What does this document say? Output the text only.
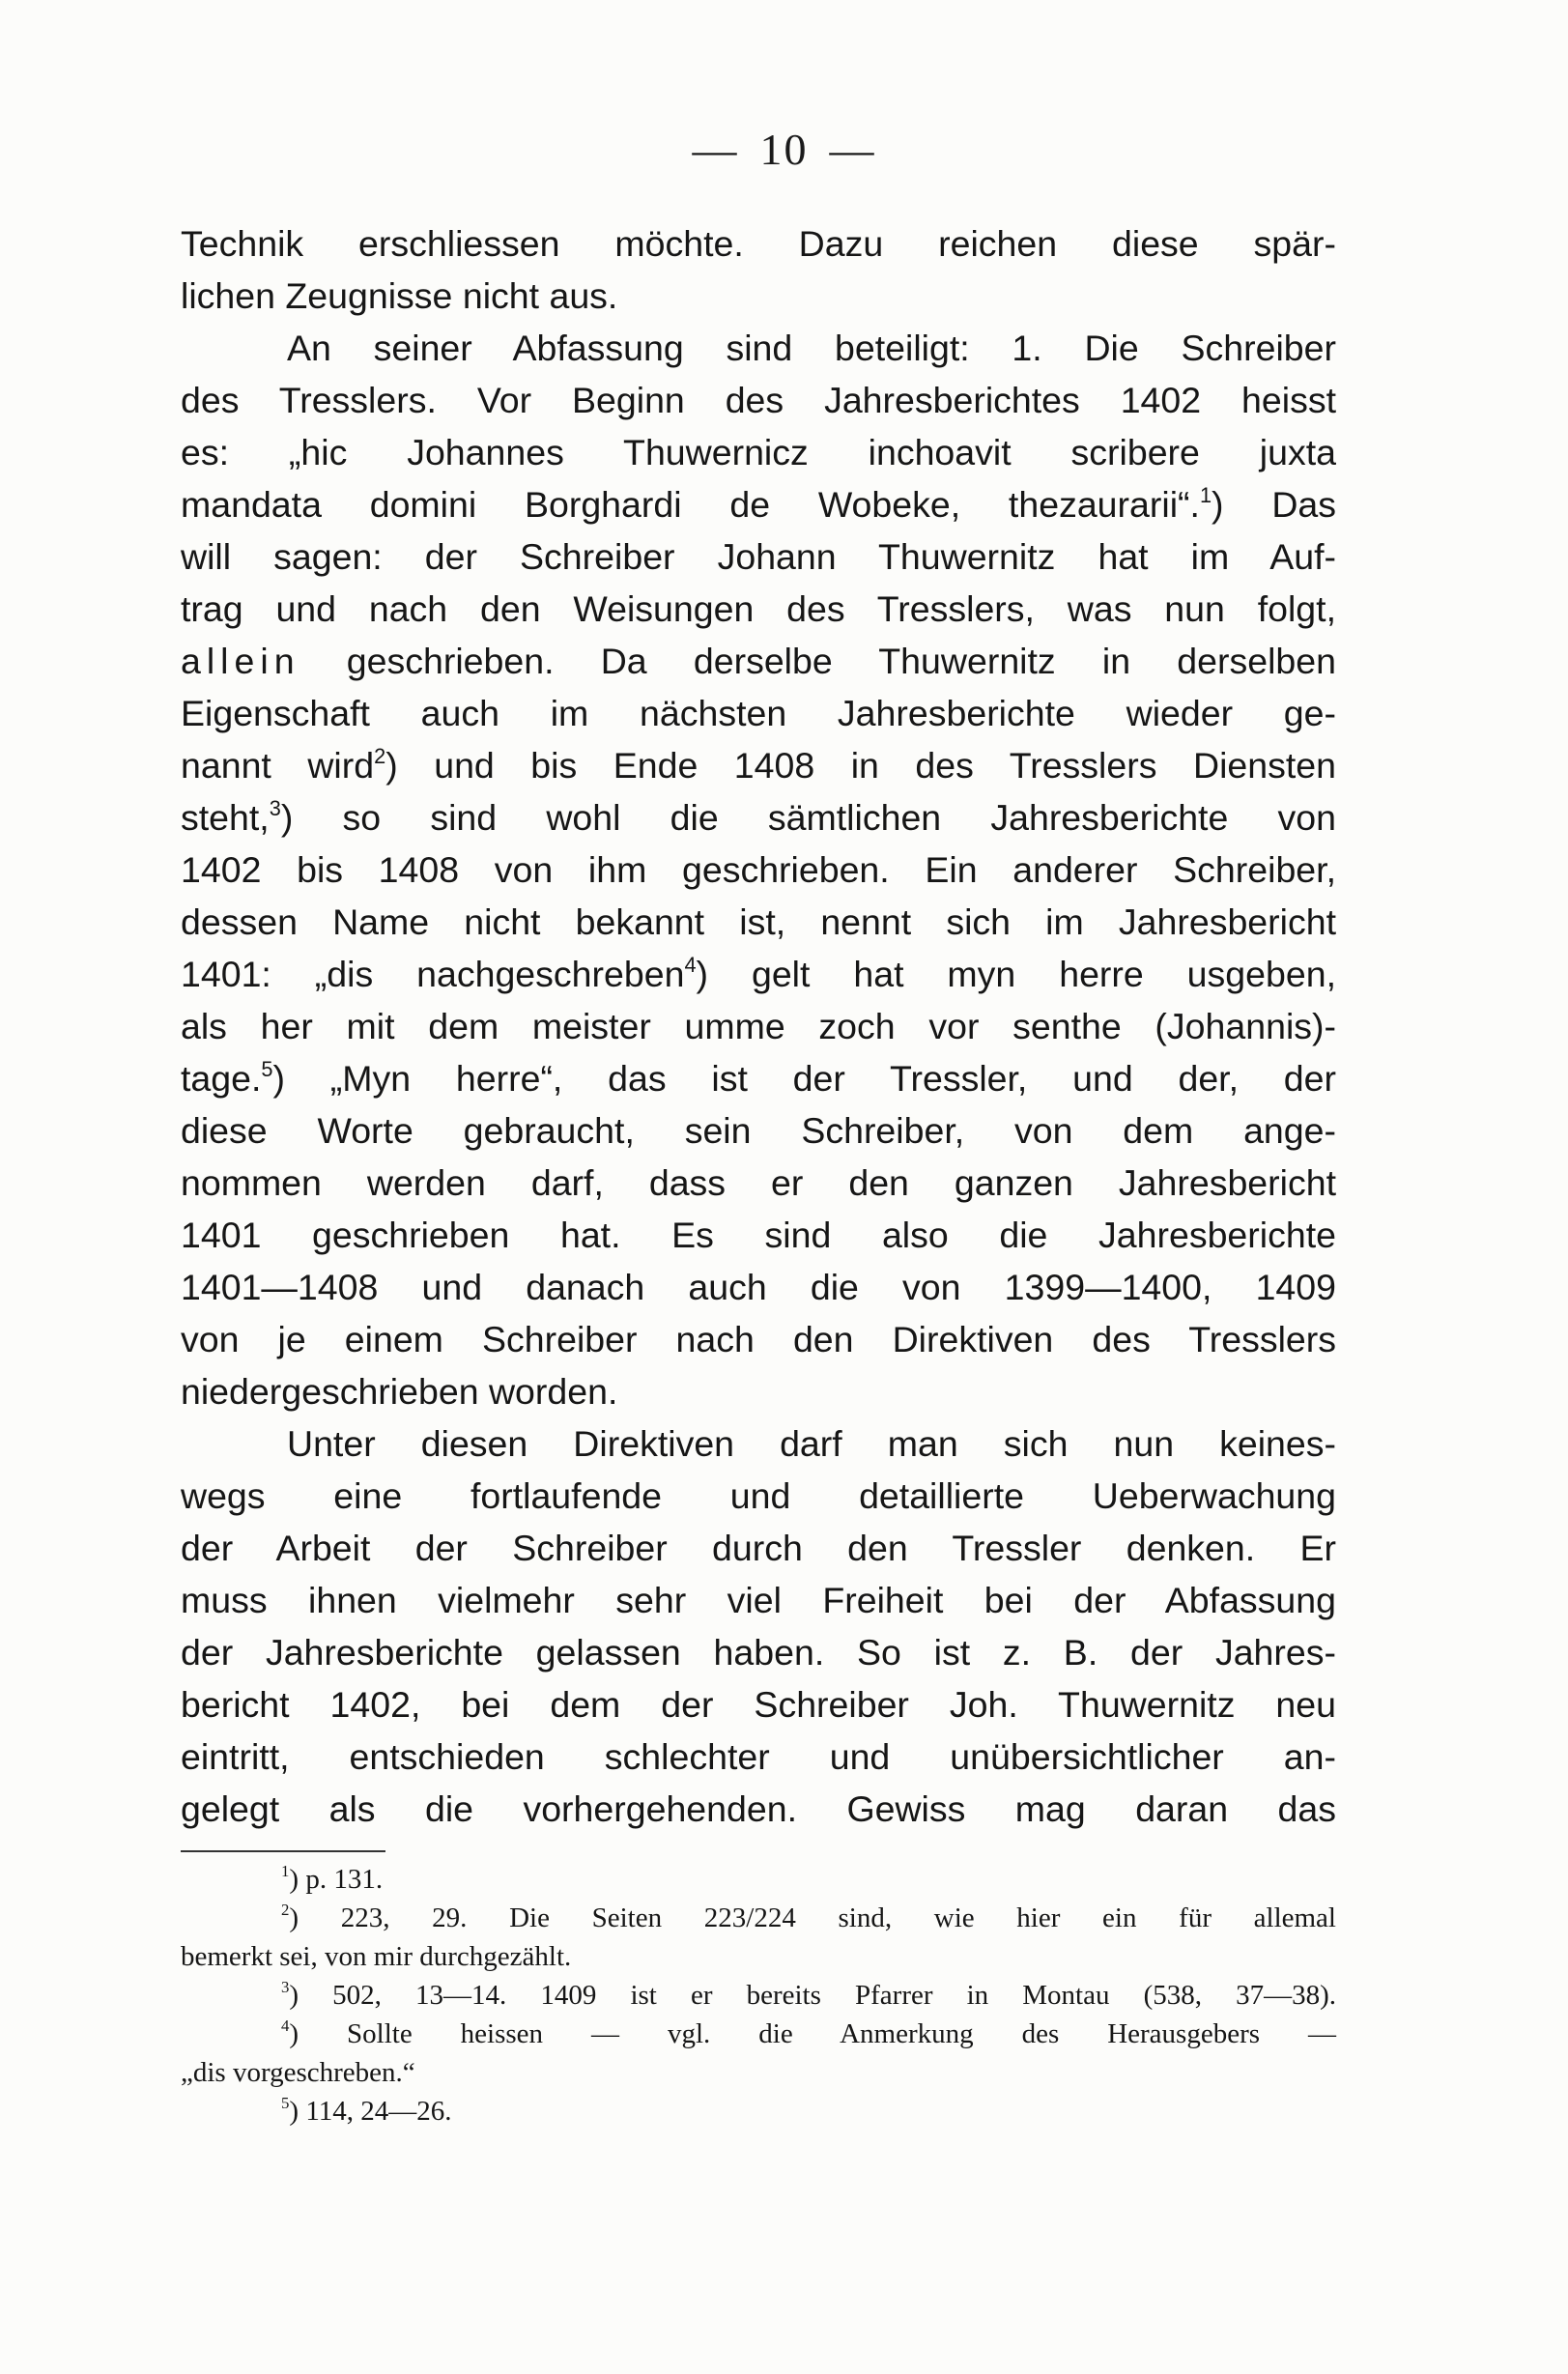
— 10 —
Technik erschliessen möchte. Dazu reichen diese spär-
lichen Zeugnisse nicht aus.
An seiner Abfassung sind beteiligt: 1. Die Schreiber
des Tresslers. Vor Beginn des Jahresberichtes 1402 heisst
es: „hic Johannes Thuwernicz inchoavit scribere juxta
mandata domini Borghardi de Wobeke, thezaurarii“.$^1$) Das
will sagen: der Schreiber Johann Thuwernitz hat im Auf-
trag und nach den Weisungen des Tresslers, was nun folgt,
allein geschrieben. Da derselbe Thuwernitz in derselben
Eigenschaft auch im nächsten Jahresberichte wieder ge-
nannt wird$^2$) und bis Ende 1408 in des Tresslers Diensten
steht,$^3$) so sind wohl die sämtlichen Jahresberichte von
1402 bis 1408 von ihm geschrieben. Ein anderer Schreiber,
dessen Name nicht bekannt ist, nennt sich im Jahresbericht
1401: „dis nachgeschreben$^4$) gelt hat myn herre usgeben,
als her mit dem meister umme zoch vor senthe (Johannis)-
tage.$^5$) „Myn herre“, das ist der Tressler, und der, der
diese Worte gebraucht, sein Schreiber, von dem ange-
nommen werden darf, dass er den ganzen Jahresbericht
1401 geschrieben hat. Es sind also die Jahresberichte
1401—1408 und danach auch die von 1399—1400, 1409
von je einem Schreiber nach den Direktiven des Tresslers
niedergeschrieben worden.
Unter diesen Direktiven darf man sich nun keines-
wegs eine fortlaufende und detaillierte Ueberwachung
der Arbeit der Schreiber durch den Tressler denken. Er
muss ihnen vielmehr sehr viel Freiheit bei der Abfassung
der Jahresberichte gelassen haben. So ist z. B. der Jahres-
bericht 1402, bei dem der Schreiber Joh. Thuwernitz neu
eintritt, entschieden schlechter und unübersichtlicher an-
gelegt als die vorhergehenden. Gewiss mag daran das
$^1$) p. 131.
$^2$) 223, 29. Die Seiten 223/224 sind, wie hier ein für allemal
bemerkt sei, von mir durchgezählt.
$^3$) 502, 13—14. 1409 ist er bereits Pfarrer in Montau (538, 37—38).
$^4$) Sollte heissen — vgl. die Anmerkung des Herausgebers —
„dis vorgeschreben.“
$^5$) 114, 24—26.
